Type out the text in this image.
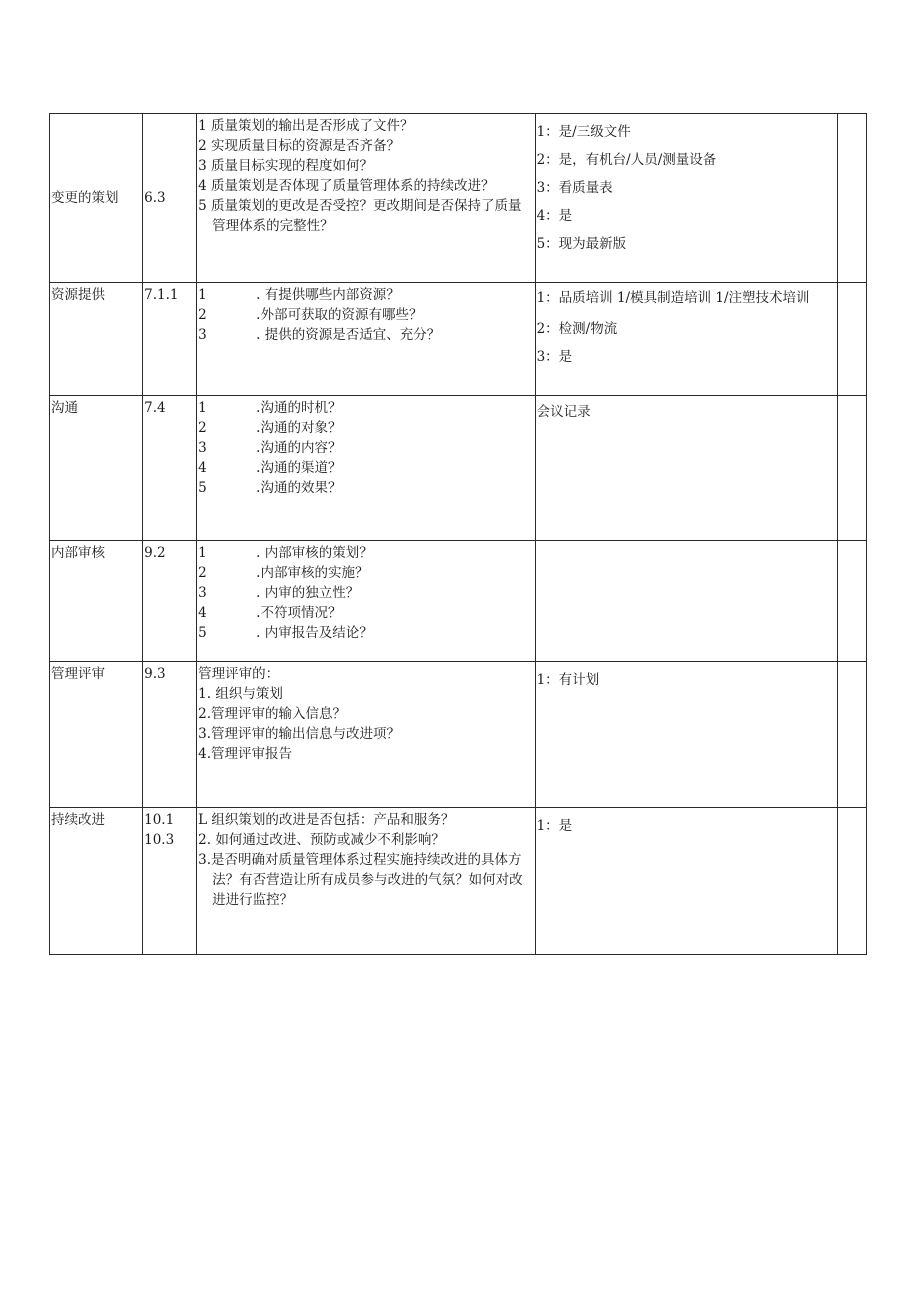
变更的策划	6.3	1 质量策划的输出是否形成了文件？
2 实现质量目标的资源是否齐备？
3 质量目标实现的程度如何？
4 质量策划是否体现了质量管理体系的持续改进？
5 质量策划的更改是否受控？更改期间是否保持了质量管理体系的完整性？	1：是/三级文件
2：是，有机台/人员/测量设备
3：看质量表
4：是
5：现为最新版	

资源提供	7.1.1	1 . 有提供哪些内部资源？
2 .外部可获取的资源有哪些？
3 . 提供的资源是否适宜、充分？	1：品质培训 1/模具制造培训 1/注塑技术培训
2：检测/物流
3：是	

沟通	7.4	1 .沟通的时机？
2 .沟通的对象？
3 .沟通的内容？
4 .沟通的渠道？
5 .沟通的效果？	会议记录	

内部审核	9.2	1 . 内部审核的策划？
2 .内部审核的实施？
3 . 内审的独立性？
4 .不符项情况？
5 . 内审报告及结论？		

管理评审	9.3	管理评审的：
1. 组织与策划
2.管理评审的输入信息？
3.管理评审的输出信息与改进项？
4.管理评审报告	1：有计划	

持续改进	10.1
10.3	L 组织策划的改进是否包括：产品和服务？
2. 如何通过改进、预防或减少不利影响？
3.是否明确对质量管理体系过程实施持续改进的具体方法？有否营造让所有成员参与改进的气氛？如何对改进进行监控？	1：是	
